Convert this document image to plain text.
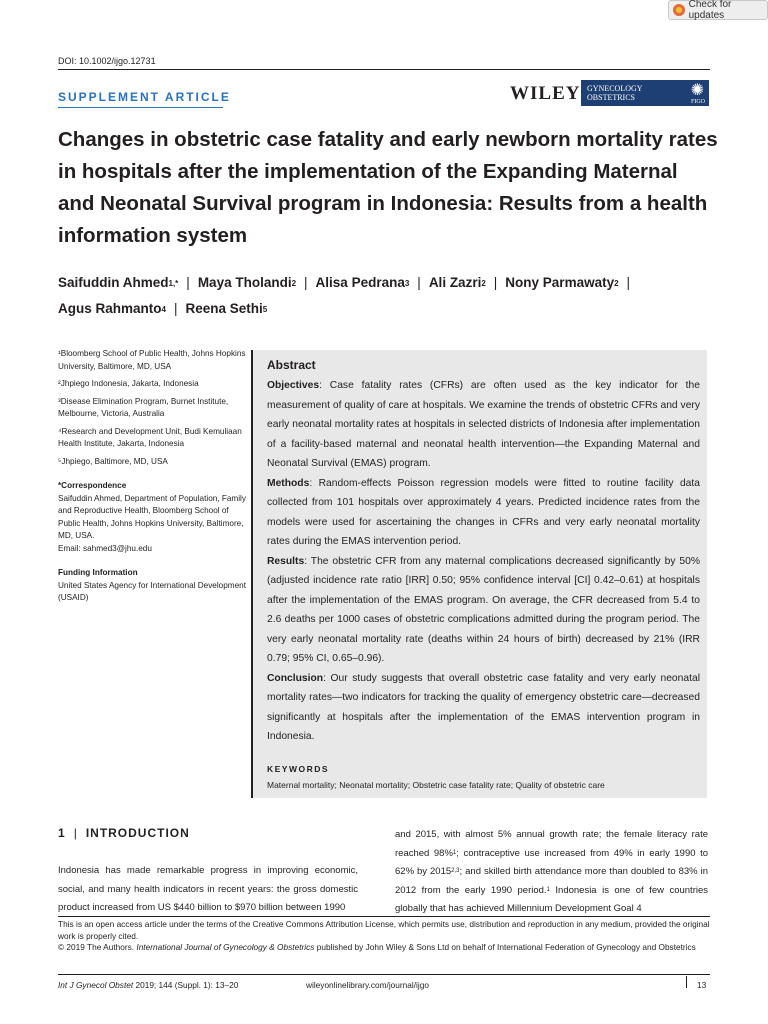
Check for updates
DOI: 10.1002/ijgo.12731
SUPPLEMENT ARTICLE	WILEY GYNECOLOGY
OBSTETRICS	✺
FIGO
Changes in obstetric case fatality and early newborn mortality rates in hospitals after the implementation of the Expanding Maternal and Neonatal Survival program in Indonesia: Results from a health information system
Saifuddin Ahmed$^{1,*}$ | Maya Tholandi$^2$ | Alisa Pedrana$^3$ | Ali Zazri$^2$ | Nony Parmawaty$^2$ |
Agus Rahmanto$^4$ | Reena Sethi$^5$
¹Bloomberg School of Public Health, Johns Hopkins University, Baltimore, MD, USA
²Jhpiego Indonesia, Jakarta, Indonesia
³Disease Elimination Program, Burnet Institute, Melbourne, Victoria, Australia
⁴Research and Development Unit, Budi Kemuliaan Health Institute, Jakarta, Indonesia
⁵Jhpiego, Baltimore, MD, USA
*Correspondence
Saifuddin Ahmed, Department of Population, Family and Reproductive Health, Bloomberg School of Public Health, Johns Hopkins University, Baltimore, MD, USA.
Email: sahmed3@jhu.edu
Funding Information
United States Agency for International Development (USAID)
Abstract
Objectives: Case fatality rates (CFRs) are often used as the key indicator for the measurement of quality of care at hospitals. We examine the trends of obstetric CFRs and very early neonatal mortality rates at hospitals in selected districts of Indonesia after implementation of a facility-based maternal and neonatal health intervention—the Expanding Maternal and Neonatal Survival (EMAS) program.
Methods: Random-effects Poisson regression models were fitted to routine facility data collected from 101 hospitals over approximately 4 years. Predicted incidence rates from the models were used for ascertaining the changes in CFRs and very early neonatal mortality rates during the EMAS intervention period.
Results: The obstetric CFR from any maternal complications decreased significantly by 50% (adjusted incidence rate ratio [IRR] 0.50; 95% confidence interval [CI] 0.42–0.61) at hospitals after the implementation of the EMAS program. On average, the CFR decreased from 5.4 to 2.6 deaths per 1000 cases of obstetric complications admitted during the program period. The very early neonatal mortality rate (deaths within 24 hours of birth) decreased by 21% (IRR 0.79; 95% CI, 0.65–0.96).
Conclusion: Our study suggests that overall obstetric case fatality and very early neonatal mortality rates—two indicators for tracking the quality of emergency obstetric care—decreased significantly at hospitals after the implementation of the EMAS intervention program in Indonesia.
KEYWORDS
Maternal mortality; Neonatal mortality; Obstetric case fatality rate; Quality of obstetric care
1 | INTRODUCTION
Indonesia has made remarkable progress in improving economic, social, and many health indicators in recent years: the gross domestic product increased from US $440 billion to $970 billion between 1990
and 2015, with almost 5% annual growth rate; the female literacy rate reached 98%$^1$; contraceptive use increased from 49% in early 1990 to 62% by 2015$^{2,3}$; and skilled birth attendance more than doubled to 83% in 2012 from the early 1990 period.$^1$ Indonesia is one of few countries globally that has achieved Millennium Development Goal 4
This is an open access article under the terms of the Creative Commons Attribution License, which permits use, distribution and reproduction in any medium, provided the original work is properly cited.
© 2019 The Authors. International Journal of Gynecology & Obstetrics published by John Wiley & Sons Ltd on behalf of International Federation of Gynecology and Obstetrics
Int J Gynecol Obstet 2019; 144 (Suppl. 1): 13–20	wileyonlinelibrary.com/journal/ijgo	13
